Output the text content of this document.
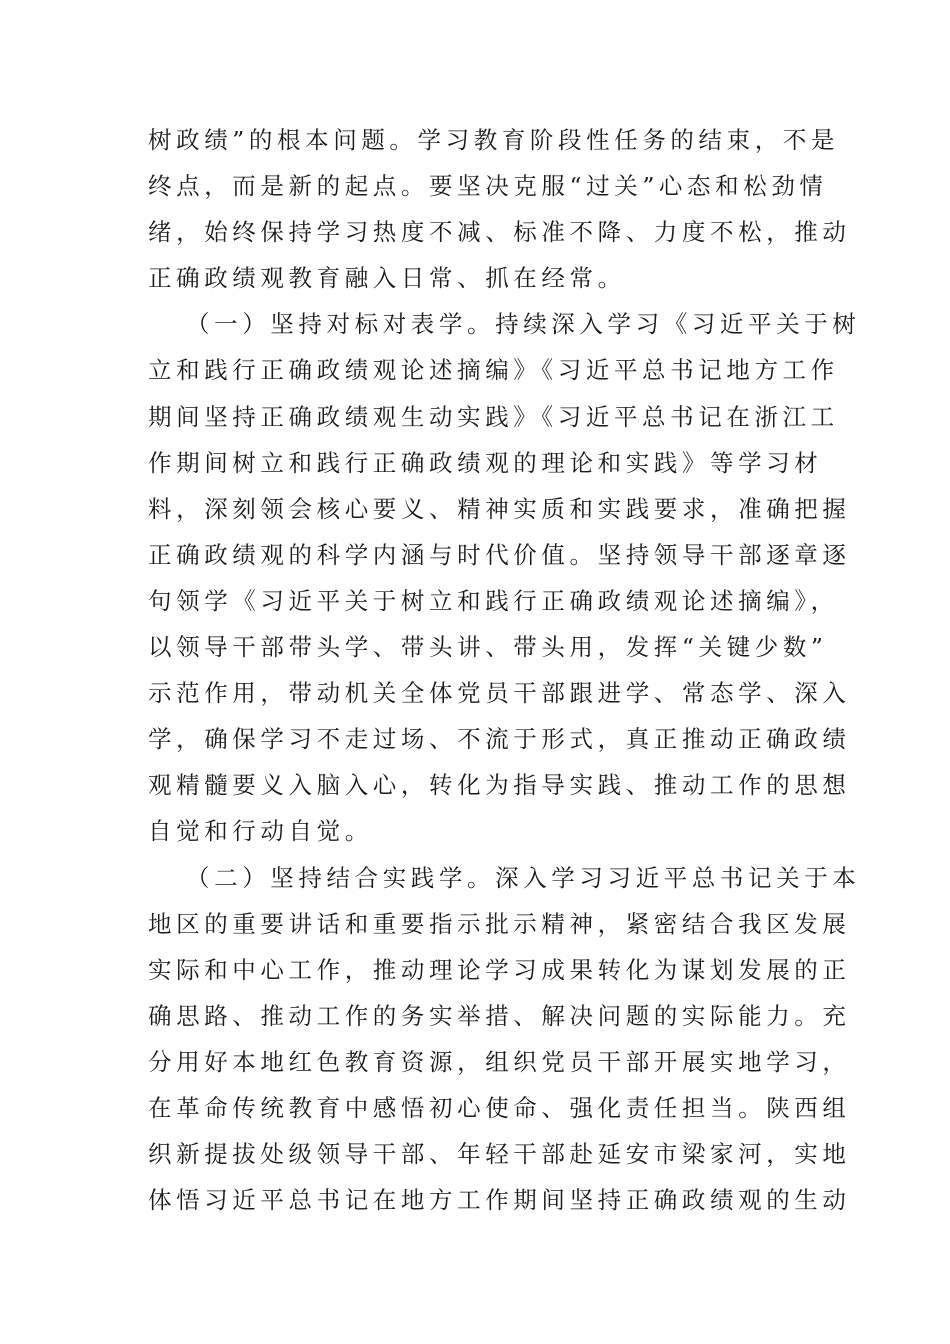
树政绩”的根本问题。学习教育阶段性任务的结束，不是
终点，而是新的起点。要坚决克服“过关”心态和松劲情
绪，始终保持学习热度不减、标准不降、力度不松，推动
正确政绩观教育融入日常、抓在经常。
（一）坚持对标对表学。持续深入学习《习近平关于树
立和践行正确政绩观论述摘编》《习近平总书记地方工作
期间坚持正确政绩观生动实践》《习近平总书记在浙江工
作期间树立和践行正确政绩观的理论和实践》等学习材
料，深刻领会核心要义、精神实质和实践要求，准确把握
正确政绩观的科学内涵与时代价值。坚持领导干部逐章逐
句领学《习近平关于树立和践行正确政绩观论述摘编》，
以领导干部带头学、带头讲、带头用，发挥“关键少数”
示范作用，带动机关全体党员干部跟进学、常态学、深入
学，确保学习不走过场、不流于形式，真正推动正确政绩
观精髓要义入脑入心，转化为指导实践、推动工作的思想
自觉和行动自觉。
（二）坚持结合实践学。深入学习习近平总书记关于本
地区的重要讲话和重要指示批示精神，紧密结合我区发展
实际和中心工作，推动理论学习成果转化为谋划发展的正
确思路、推动工作的务实举措、解决问题的实际能力。充
分用好本地红色教育资源，组织党员干部开展实地学习，
在革命传统教育中感悟初心使命、强化责任担当。陕西组
织新提拔处级领导干部、年轻干部赴延安市梁家河，实地
体悟习近平总书记在地方工作期间坚持正确政绩观的生动
